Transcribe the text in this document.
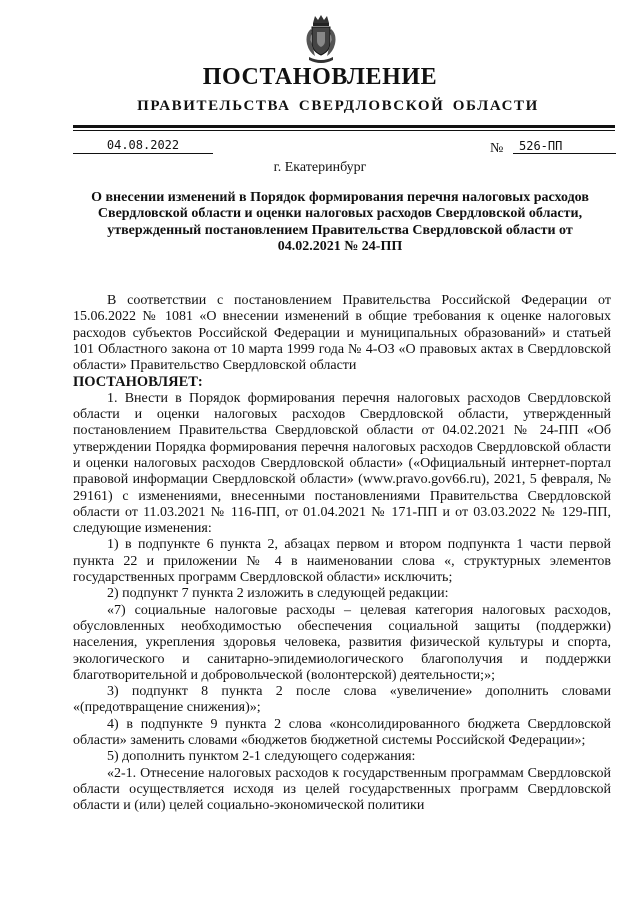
ПОСТАНОВЛЕНИЕ
ПРАВИТЕЛЬСТВА СВЕРДЛОВСКОЙ ОБЛАСТИ
04.08.2022	№	526-ПП
г. Екатеринбург
О внесении изменений в Порядок формирования перечня налоговых расходов Свердловской области и оценки налоговых расходов Свердловской области, утвержденный постановлением Правительства Свердловской области от 04.02.2021 № 24-ПП

В соответствии с постановлением Правительства Российской Федерации от 15.06.2022 № 1081 «О внесении изменений в общие требования к оценке налоговых расходов субъектов Российской Федерации и муниципальных образований» и статьей 101 Областного закона от 10 марта 1999 года № 4-ОЗ «О правовых актах в Свердловской области» Правительство Свердловской области

ПОСТАНОВЛЯЕТ:

1. Внести в Порядок формирования перечня налоговых расходов Свердловской области и оценки налоговых расходов Свердловской области, утвержденный постановлением Правительства Свердловской области от 04.02.2021 № 24-ПП «Об утверждении Порядка формирования перечня налоговых расходов Свердловской области и оценки налоговых расходов Свердловской области» («Официальный интернет-портал правовой информации Свердловской области» (www.pravo.gov66.ru), 2021, 5 февраля, № 29161) с изменениями, внесенными постановлениями Правительства Свердловской области от 11.03.2021 № 116-ПП, от 01.04.2021 № 171-ПП и от 03.03.2022 № 129-ПП, следующие изменения:

1) в подпункте 6 пункта 2, абзацах первом и втором подпункта 1 части первой пункта 22 и приложении № 4 в наименовании слова «, структурных элементов государственных программ Свердловской области» исключить;

2) подпункт 7 пункта 2 изложить в следующей редакции:

«7) социальные налоговые расходы – целевая категория налоговых расходов, обусловленных необходимостью обеспечения социальной защиты (поддержки) населения, укрепления здоровья человека, развития физической культуры и спорта, экологического и санитарно-эпидемиологического благополучия и поддержки благотворительной и добровольческой (волонтерской) деятельности;»;

3) подпункт 8 пункта 2 после слова «увеличение» дополнить словами «(предотвращение снижения)»;

4) в подпункте 9 пункта 2 слова «консолидированного бюджета Свердловской области» заменить словами «бюджетов бюджетной системы Российской Федерации»;

5) дополнить пунктом 2-1 следующего содержания:

«2-1. Отнесение налоговых расходов к государственным программам Свердловской области осуществляется исходя из целей государственных программ Свердловской области и (или) целей социально-экономической политики
